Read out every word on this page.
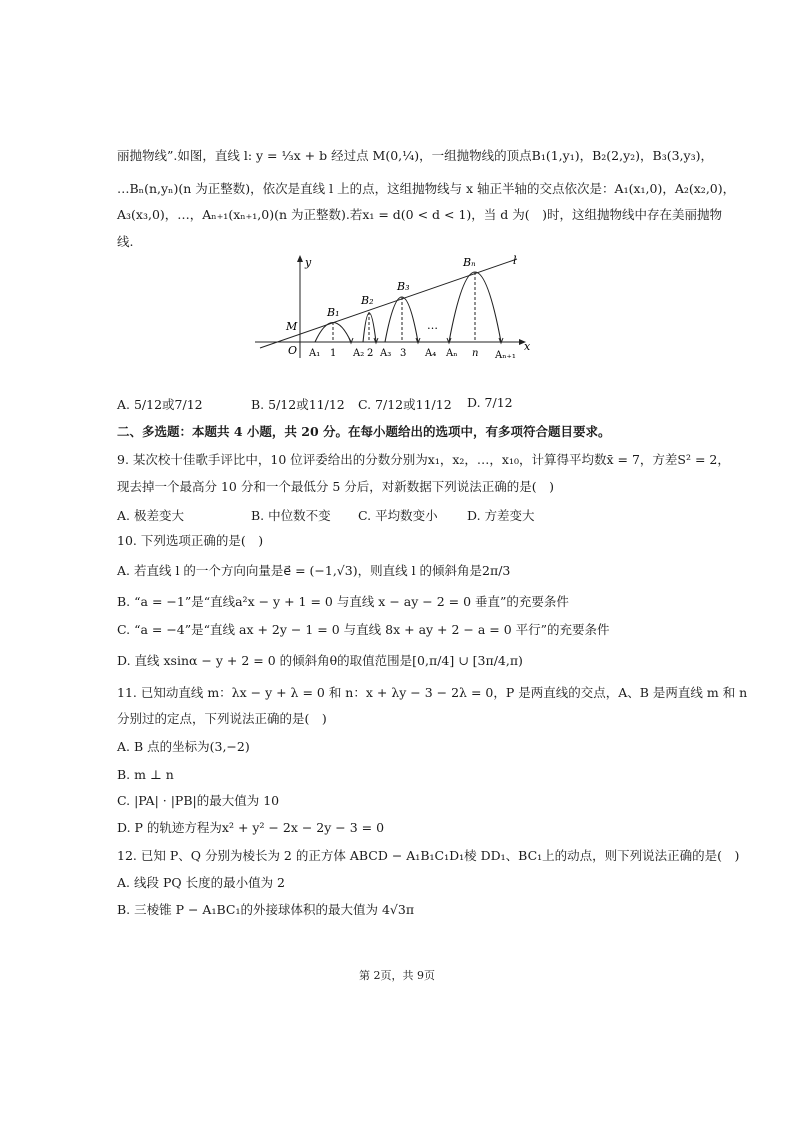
丽抛物线”.如图，直线 l: y = ⅓x + b 经过点 M(0,¼)，一组抛物线的顶点B₁(1,y₁)，B₂(2,y₂)，B₃(3,y₃)，
…Bₙ(n,yₙ)(n 为正整数)，依次是直线 l 上的点，这组抛物线与 x 轴正半轴的交点依次是：A₁(x₁,0)，A₂(x₂,0)，
A₃(x₃,0)，…，Aₙ₊₁(xₙ₊₁,0)(n 为正整数).若x₁ = d(0 < d < 1)，当 d 为(　)时，这组抛物线中存在美丽抛物
线.
y	l
M
O	x
B₁
B₂
B₃
Bₙ
A₁ 1 A₂ 2 A₃ 3
…
A₄ Aₙ n Aₙ₊₁
A. 5/12或7/12	B. 5/12或11/12 C. 7/12或11/12 D. 7/12
二、多选题：本题共 4 小题，共 20 分。在每小题给出的选项中，有多项符合题目要求。
9. 某次校十佳歌手评比中，10 位评委给出的分数分别为x₁，x₂，…，x₁₀，计算得平均数x̄ = 7，方差S² = 2，
现去掉一个最高分 10 分和一个最低分 5 分后，对新数据下列说法正确的是(　)
A. 极差变大	B. 中位数不变 C. 平均数变小 D. 方差变大
10. 下列选项正确的是(　)
A. 若直线 l 的一个方向向量是e⃗ = (−1,√3)，则直线 l 的倾斜角是2π/3
B. “a = −1”是“直线a²x − y + 1 = 0 与直线 x − ay − 2 = 0 垂直”的充要条件
C. “a = −4”是“直线 ax + 2y − 1 = 0 与直线 8x + ay + 2 − a = 0 平行”的充要条件
D. 直线 xsinα − y + 2 = 0 的倾斜角θ的取值范围是[0,π/4] ∪ [3π/4,π)
11. 已知动直线 m：λx − y + λ = 0 和 n：x + λy − 3 − 2λ = 0，P 是两直线的交点，A、B 是两直线 m 和 n
分别过的定点，下列说法正确的是(　)
A. B 点的坐标为(3,−2)
B. m ⊥ n
C. |PA| · |PB|的最大值为 10
D. P 的轨迹方程为x² + y² − 2x − 2y − 3 = 0
12. 已知 P、Q 分别为棱长为 2 的正方体 ABCD − A₁B₁C₁D₁棱 DD₁、BC₁上的动点，则下列说法正确的是(　)
A. 线段 PQ 长度的最小值为 2
B. 三棱锥 P − A₁BC₁的外接球体积的最大值为 4√3π
第 2页，共 9页
